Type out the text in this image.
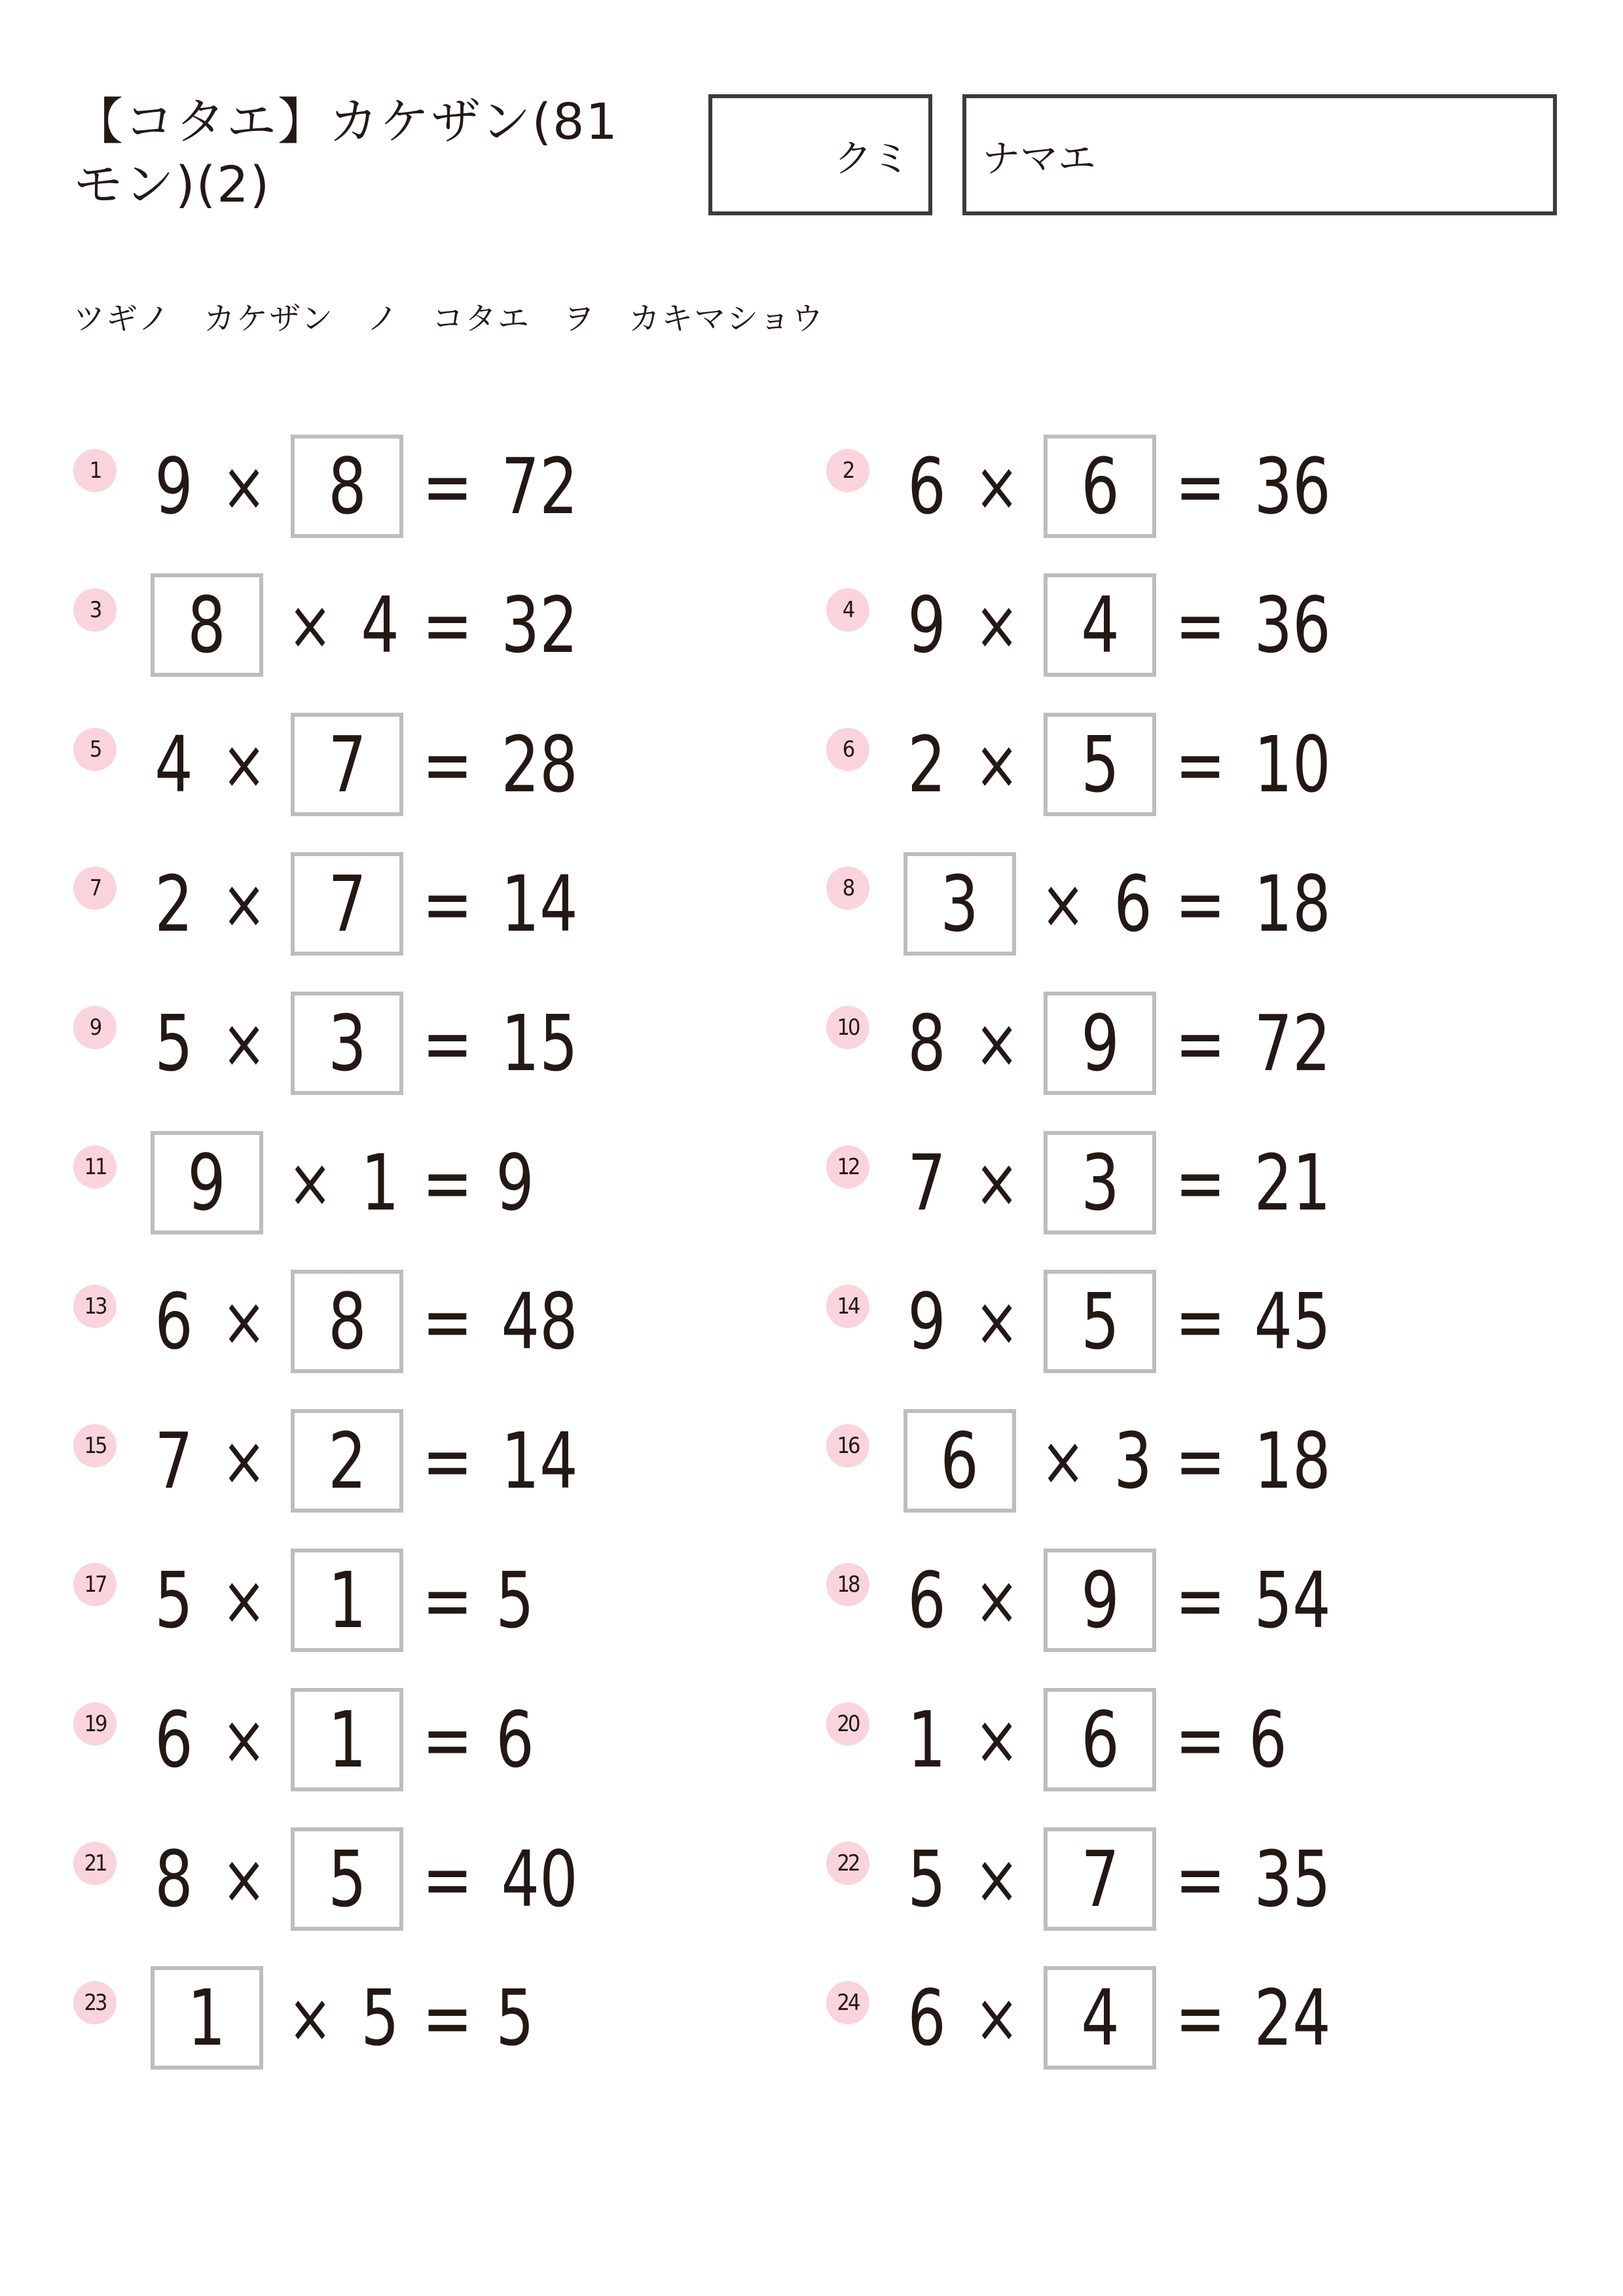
【コタエ】カケザン(81モン)(2)	クミ ナマエ
ツギノ　カケザン　ノ　コタエ　ヲ　カキマショウ
1 9 × 8 = 72	2 6 × 6 = 36
3 8 × 4 = 32	4 9 × 4 = 36
5 4 × 7 = 28	6 2 × 5 = 10
7 2 × 7 = 14	8 3 × 6 = 18
9 5 × 3 = 15	10 8 × 9 = 72
11 9 × 1 = 9	12 7 × 3 = 21
13 6 × 8 = 48	14 9 × 5 = 45
15 7 × 2 = 14	16 6 × 3 = 18
17 5 × 1 = 5	18 6 × 9 = 54
19 6 × 1 = 6	20 1 × 6 = 6
21 8 × 5 = 40	22 5 × 7 = 35
23 1 × 5 = 5	24 6 × 4 = 24
